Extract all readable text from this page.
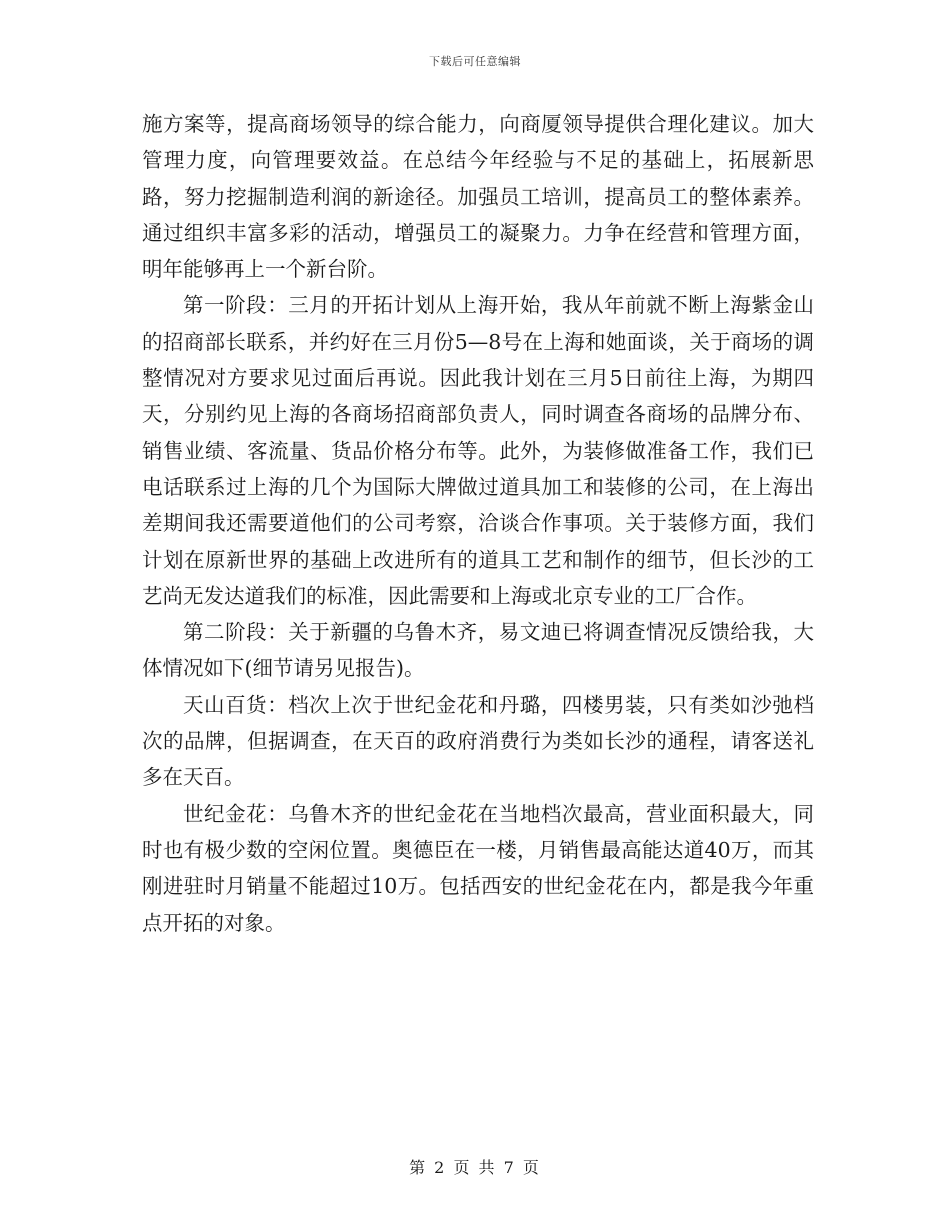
下载后可任意编辑

施方案等，提高商场领导的综合能力，向商厦领导提供合理化建议。加大管理力度，向管理要效益。在总结今年经验与不足的基础上，拓展新思路，努力挖掘制造利润的新途径。加强员工培训，提高员工的整体素养。通过组织丰富多彩的活动，增强员工的凝聚力。力争在经营和管理方面，明年能够再上一个新台阶。

第一阶段：三月的开拓计划从上海开始，我从年前就不断上海紫金山的招商部长联系，并约好在三月份5—8号在上海和她面谈，关于商场的调整情况对方要求见过面后再说。因此我计划在三月5日前往上海，为期四天，分别约见上海的各商场招商部负责人，同时调查各商场的品牌分布、销售业绩、客流量、货品价格分布等。此外，为装修做准备工作，我们已电话联系过上海的几个为国际大牌做过道具加工和装修的公司，在上海出差期间我还需要道他们的公司考察，洽谈合作事项。关于装修方面，我们计划在原新世界的基础上改进所有的道具工艺和制作的细节，但长沙的工艺尚无发达道我们的标准，因此需要和上海或北京专业的工厂合作。

第二阶段：关于新疆的乌鲁木齐，易文迪已将调查情况反馈给我，大体情况如下(细节请另见报告)。

天山百货：档次上次于世纪金花和丹璐，四楼男装，只有类如沙弛档次的品牌，但据调查，在天百的政府消费行为类如长沙的通程，请客送礼多在天百。

世纪金花：乌鲁木齐的世纪金花在当地档次最高，营业面积最大，同时也有极少数的空闲位置。奥德臣在一楼，月销售最高能达道40万，而其刚进驻时月销量不能超过10万。包括西安的世纪金花在内，都是我今年重点开拓的对象。

第 2 页 共 7 页
